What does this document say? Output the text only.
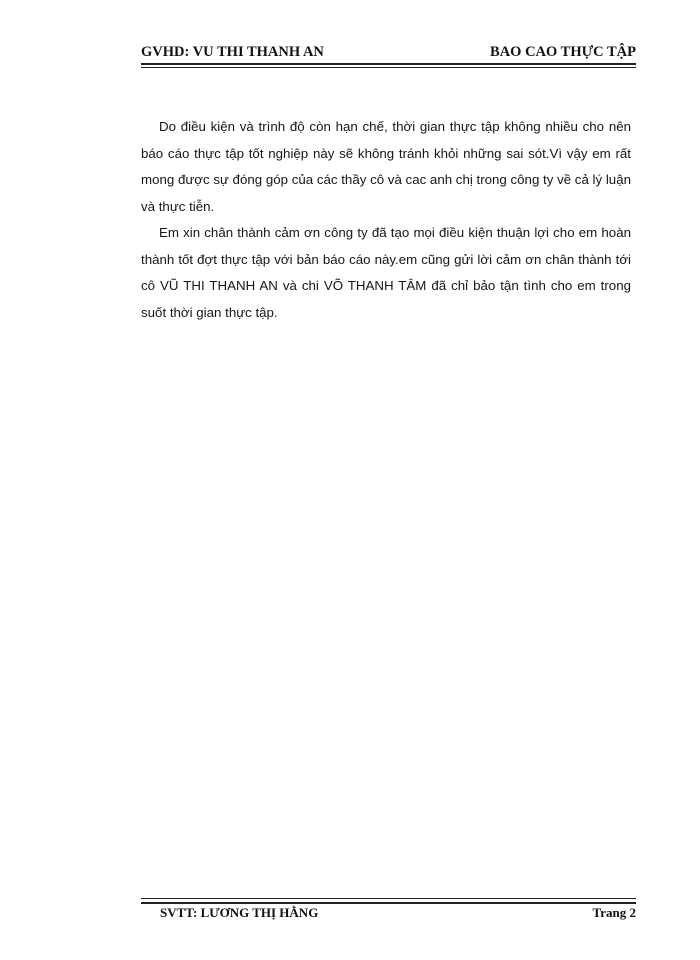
GVHD: VU THI THANH AN	BAO CAO THỰC TẬP

Do điều kiện và trình độ còn hạn chế, thời gian thực tập không nhiều cho nên báo cáo thực tập tốt nghiệp này sẽ không tránh khỏi những sai sót.Vì vậy em rất mong được sự đóng góp của các thầy cô và cac anh chị trong công ty về cả lý luận và thực tiễn.

Em xin chân thành cảm ơn công ty đã tạo mọi điều kiện thuận lợi cho em hoàn thành tốt đợt thực tập với bản báo cáo này.em cũng gửi lời cảm ơn chân thành tới cô VŨ THI THANH AN và chi VÕ THANH TÂM đã chỉ bảo tận tình cho em trong suốt thời gian thực tập.

SVTT: LƯƠNG THỊ HẰNG	Trang 2
